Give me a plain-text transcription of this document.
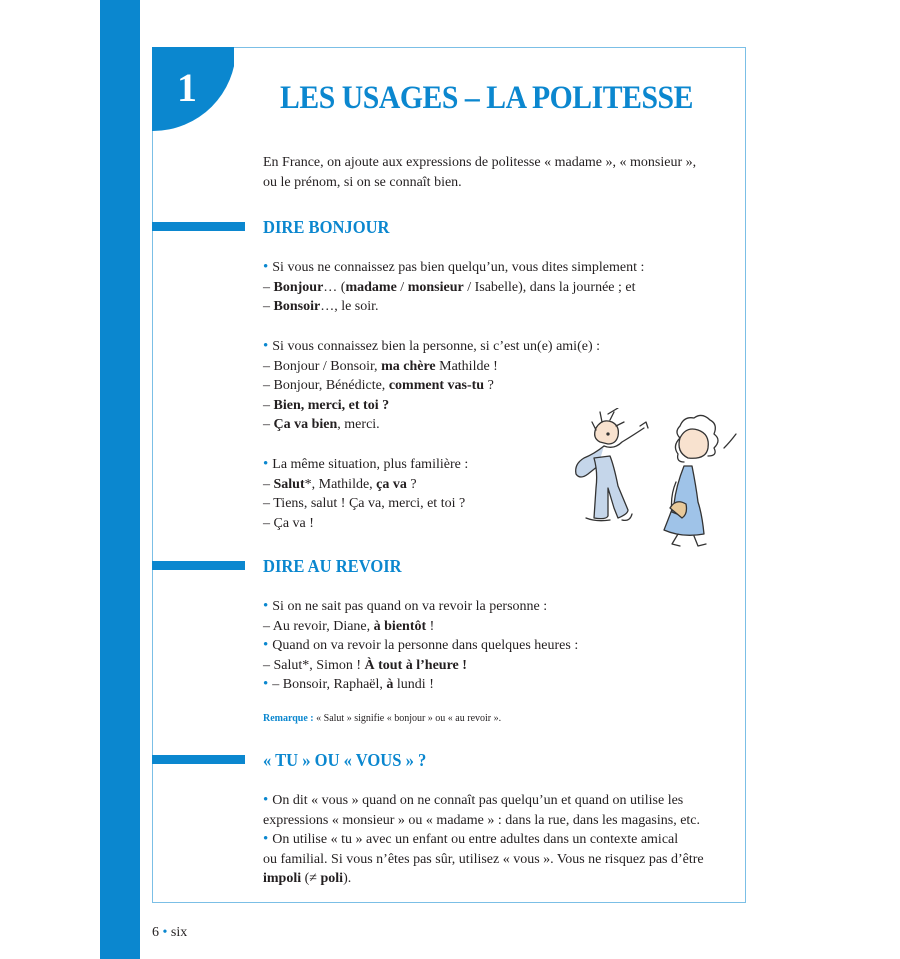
1	LES USAGES – LA POLITESSE

En France, on ajoute aux expressions de politesse « madame », « monsieur »,

ou le prénom, si on se connaît bien.

DIRE BONJOUR

• Si vous ne connaissez pas bien quelqu’un, vous dites simplement :

– Bonjour… (madame / monsieur / Isabelle), dans la journée ; et

– Bonsoir…, le soir.

• Si vous connaissez bien la personne, si c’est un(e) ami(e) :

– Bonjour / Bonsoir, ma chère Mathilde !

– Bonjour, Bénédicte, comment vas-tu ?

– Bien, merci, et toi ?

– Ça va bien, merci.

• La même situation, plus familière :

– Salut*, Mathilde, ça va ?

– Tiens, salut ! Ça va, merci, et toi ?

– Ça va !

DIRE AU REVOIR

• Si on ne sait pas quand on va revoir la personne :

– Au revoir, Diane, à bientôt !

• Quand on va revoir la personne dans quelques heures :

– Salut*, Simon ! À tout à l’heure !

• – Bonsoir, Raphaël, à lundi !

Remarque : « Salut » signifie « bonjour » ou « au revoir ».

« TU » OU « VOUS » ?

• On dit « vous » quand on ne connaît pas quelqu’un et quand on utilise les

expressions « monsieur » ou « madame » : dans la rue, dans les magasins, etc.

• On utilise « tu » avec un enfant ou entre adultes dans un contexte amical

ou familial. Si vous n’êtes pas sûr, utilisez « vous ». Vous ne risquez pas d’être

impoli (≠ poli).

6 • six
